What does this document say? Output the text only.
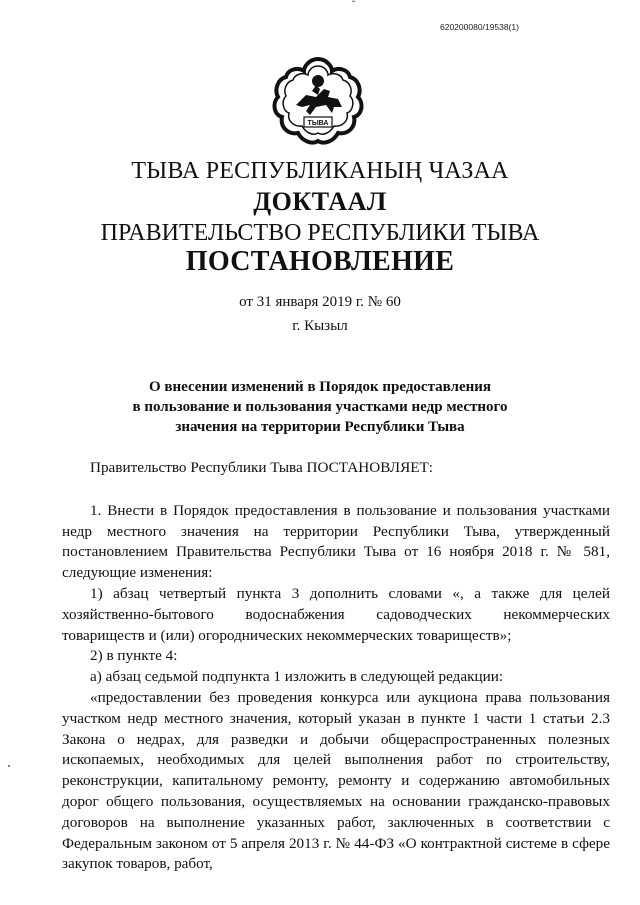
ˇ
620200080/19538(1)
ТЫВА
ТЫВА РЕСПУБЛИКАНЫҢ ЧАЗАА
ДОКТААЛ
ПРАВИТЕЛЬСТВО РЕСПУБЛИКИ ТЫВА
ПОСТАНОВЛЕНИЕ
от 31 января 2019 г. № 60
г. Кызыл
О внесении изменений в Порядок предоставления
в пользование и пользования участками недр местного
значения на территории Республики Тыва

Правительство Республики Тыва ПОСТАНОВЛЯЕТ:

1. Внести в Порядок предоставления в пользование и пользования участками недр местного значения на территории Республики Тыва, утвержденный постановлением Правительства Республики Тыва от 16 ноября 2018 г. № 581, следующие изменения:

1) абзац четвертый пункта 3 дополнить словами «, а также для целей хозяйственно-бытового водоснабжения садоводческих некоммерческих товариществ и (или) огороднических некоммерческих товариществ»;

2) в пункте 4:

а) абзац седьмой подпункта 1 изложить в следующей редакции:

«предоставлении без проведения конкурса или аукциона права пользования участком недр местного значения, который указан в пункте 1 части 1 статьи 2.3 Закона о недрах, для разведки и добычи общераспространенных полезных ископаемых, необходимых для целей выполнения работ по строительству, реконструкции, капитальному ремонту, ремонту и содержанию автомобильных дорог общего пользования, осуществляемых на основании гражданско-правовых договоров на выполнение указанных работ, заключенных в соответствии с Федеральным законом от 5 апреля 2013 г. № 44-ФЗ «О контрактной системе в сфере закупок товаров, работ,
